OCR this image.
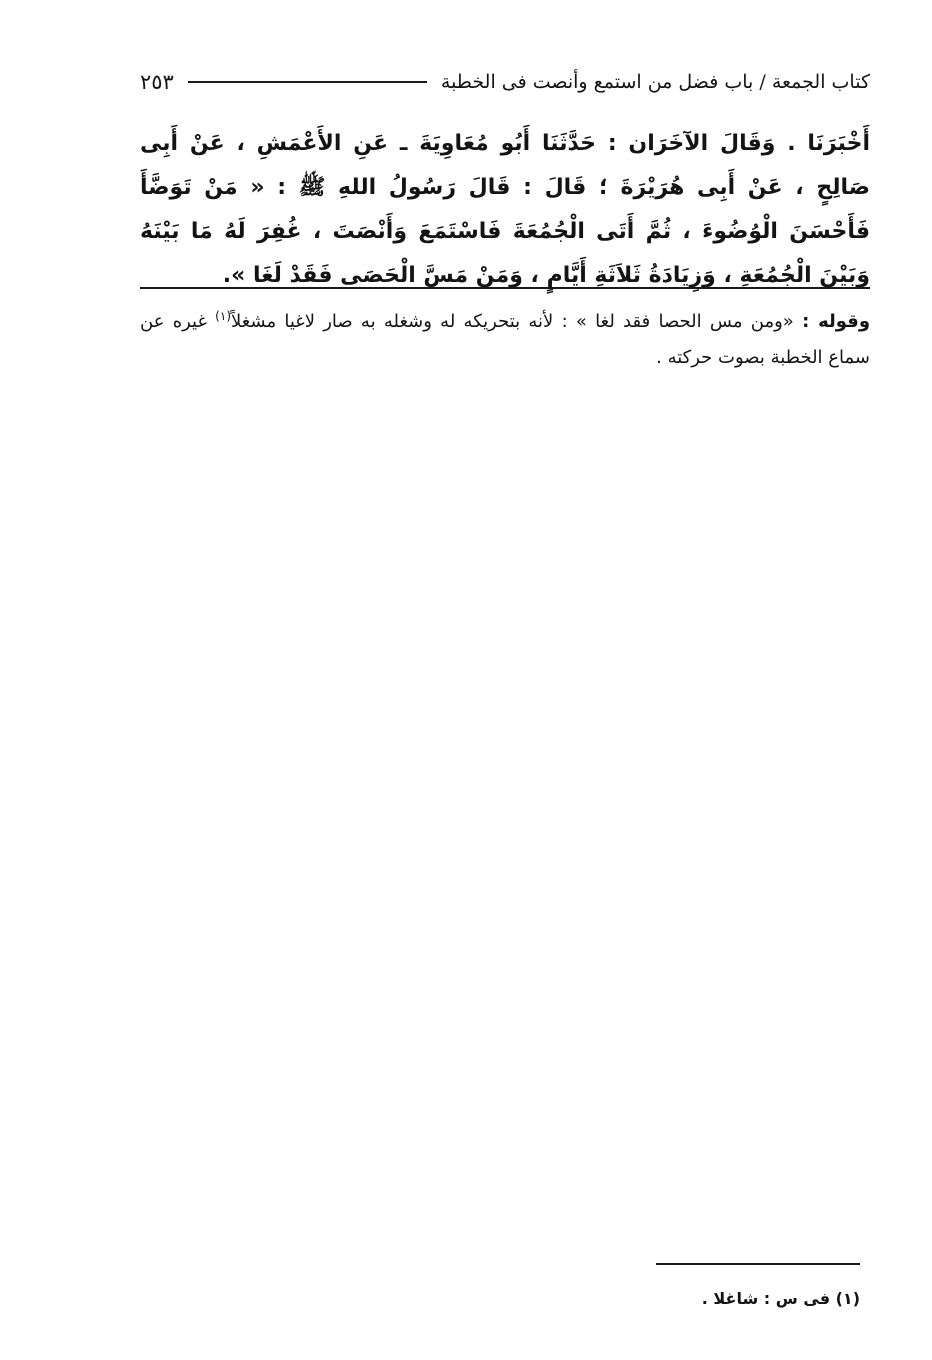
كتاب الجمعة / باب فضل من استمع وأنصت فى الخطبة
٢٥٣
أَخْبَرَنَا . وَقَالَ الآخَرَان : حَدَّثَنَا أَبُو مُعَاوِيَةَ ـ عَنِ الأَعْمَشِ ، عَنْ أَبِى صَالِحٍ ، عَنْ أَبِى هُرَيْرَةَ ؛ قَالَ : قَالَ رَسُولُ اللهِ ﷺ : « مَنْ تَوَضَّأَ فَأَحْسَنَ الْوُضُوءَ ، ثُمَّ أَتَى الْجُمُعَةَ فَاسْتَمَعَ وَأَنْصَتَ ، غُفِرَ لَهُ مَا بَيْنَهُ وَبَيْنَ الْجُمُعَةِ ، وَزِيَادَةُ ثَلاَثَةِ أَيَّامٍ ، وَمَنْ مَسَّ الْحَصَى فَقَدْ لَغَا ».
وقوله : «ومن مس الحصا فقد لغا » : لأنه بتحريكه له وشغله به صار لاغيا مشغلاً$^{(١)}$ غيره عن سماع الخطبة بصوت حركته .
(١) فى س : شاغلا .
